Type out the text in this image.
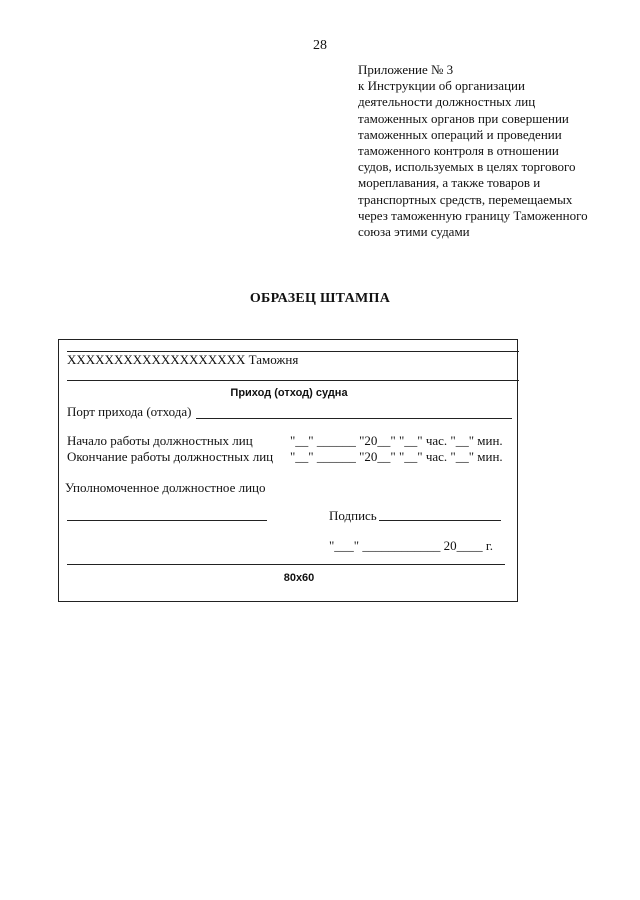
28
Приложение № 3
к Инструкции об организации
деятельности должностных лиц
таможенных органов при совершении
таможенных операций и проведении
таможенного контроля в отношении
судов, используемых в целях торгового
мореплавания, а также товаров и
транспортных средств, перемещаемых
через таможенную границу Таможенного
союза этими судами
ОБРАЗЕЦ ШТАМПА
XXXXXXXXXXXXXXXXXXX Таможня
Приход (отход) судна
Порт прихода (отхода)
Начало работы должностных лиц	"__" ______ "20__" "__" час. "__" мин.
Окончание работы должностных лиц "__" ______ "20__" "__" час. "__" мин.
Уполномоченное должностное лицо
Подпись
"___" ____________ 20____ г.
80х60
